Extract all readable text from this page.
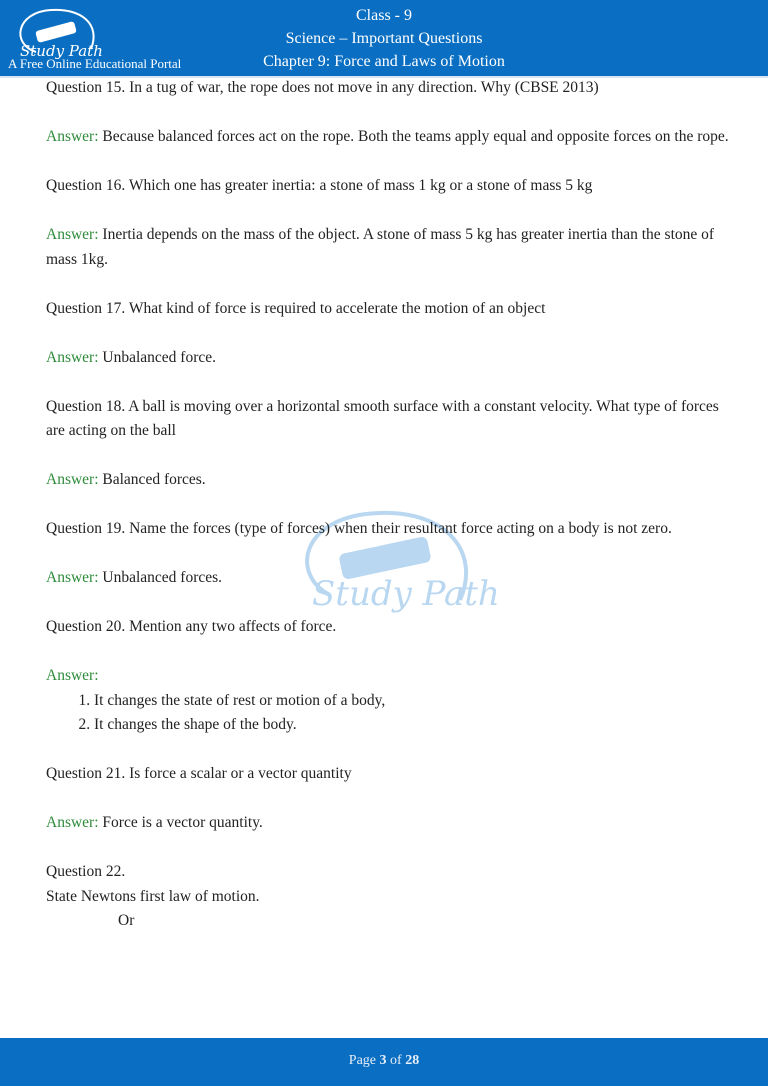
Study Path
A Free Online Educational Portal
Class - 9
Science – Important Questions
Chapter 9: Force and Laws of Motion
Study Path
Question 15. In a tug of war, the rope does not move in any direction. Why (CBSE 2013)
Answer: Because balanced forces act on the rope. Both the teams apply equal and opposite forces on the rope.
Question 16. Which one has greater inertia: a stone of mass 1 kg or a stone of mass 5 kg
Answer: Inertia depends on the mass of the object. A stone of mass 5 kg has greater inertia than the stone of mass 1kg.
Question 17. What kind of force is required to accelerate the motion of an object
Answer: Unbalanced force.
Question 18. A ball is moving over a horizontal smooth surface with a constant velocity. What type of forces are acting on the ball
Answer: Balanced forces.
Question 19. Name the forces (type of forces) when their resultant force acting on a body is not zero.
Answer: Unbalanced forces.
Question 20. Mention any two affects of force.
Answer:
1. It changes the state of rest or motion of a body,
2. It changes the shape of the body.
Question 21. Is force a scalar or a vector quantity
Answer: Force is a vector quantity.
Question 22.
State Newtons first law of motion.
Or
Page 3 of 28
